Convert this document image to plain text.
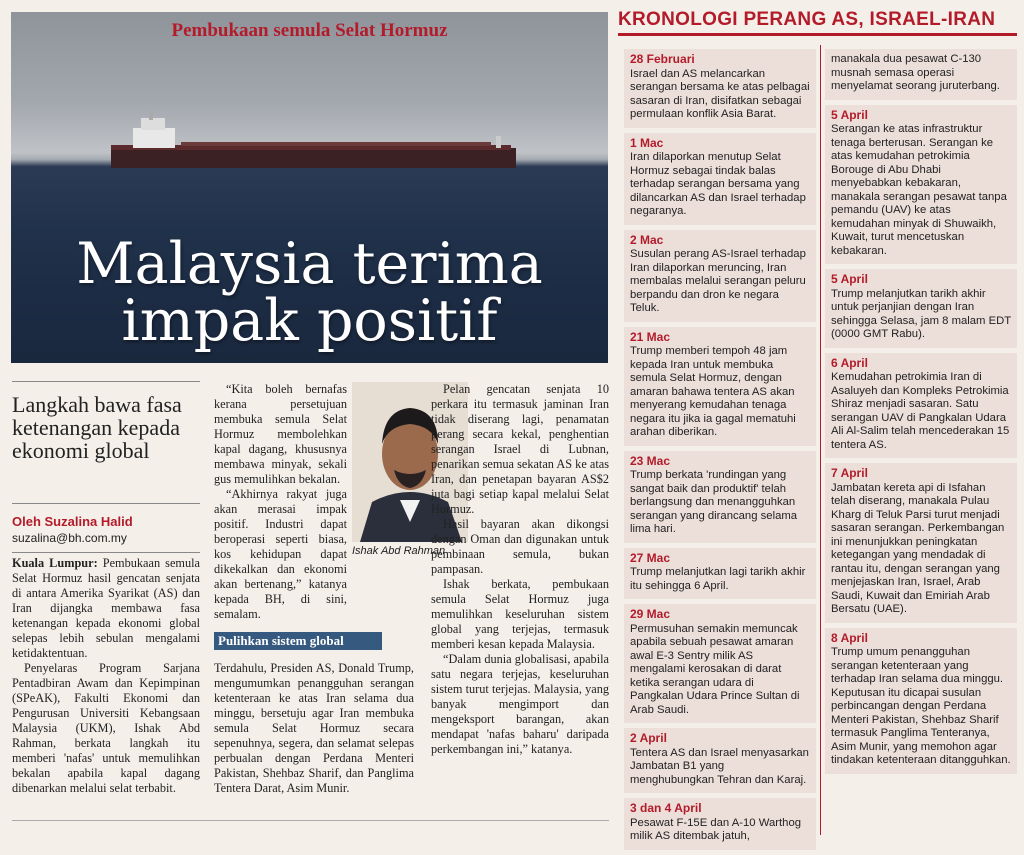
Pembukaan semula Selat Hormuz
Malaysia terima
impak positif
Langkah bawa fasa ketenangan kepada ekonomi global
Oleh Suzalina Halid
suzalina@bh.com.my

Kuala Lumpur: Pembukaan semula Selat Hormuz hasil gencatan senjata di antara Amerika Syarikat (AS) dan Iran dijangka membawa fasa ketenangan kepada ekonomi global selepas lebih sebulan mengalami ketidaktentuan.

Penyelaras Program Sarjana Pentadbiran Awam dan Kepimpinan (SPeAK), Fakulti Ekonomi dan Pengurusan Universiti Kebangsaan Malaysia (UKM), Ishak Abd Rahman, berkata langkah itu memberi 'nafas' untuk memulihkan bekalan apabila kapal dagang dibenarkan melalui selat terbabit.

“Kita boleh bernafas kerana persetujuan membuka semula Selat Hormuz membolehkan kapal dagang, khususnya membawa minyak, sekali gus memulihkan bekalan.

“Akhirnya rakyat juga akan merasai impak positif. Industri dapat beroperasi seperti biasa, kos kehidupan dapat dikekalkan dan ekonomi akan bertenang,” katanya kepada BH, di sini, semalam.

Ishak Abd Rahman
Pulihkan sistem global

Terdahulu, Presiden AS, Donald Trump, mengumumkan penangguhan serangan ketenteraan ke atas Iran selama dua minggu, bersetuju agar Iran membuka semula Selat Hormuz secara sepenuhnya, segera, dan selamat selepas perbualan dengan Perdana Menteri Pakistan, Shehbaz Sharif, dan Panglima Tentera Darat, Asim Munir.

Pelan gencatan senjata 10 perkara itu termasuk jaminan Iran tidak diserang lagi, penamatan perang secara kekal, penghentian serangan Israel di Lubnan, penarikan semua sekatan AS ke atas Iran, dan penetapan bayaran AS$2 juta bagi setiap kapal melalui Selat Hormuz.

Hasil bayaran akan dikongsi dengan Oman dan digunakan untuk pembinaan semula, bukan pampasan.

Ishak berkata, pembukaan semula Selat Hormuz juga memulihkan keseluruhan sistem global yang terjejas, termasuk memberi kesan kepada Malaysia.

“Dalam dunia globalisasi, apabila satu negara terjejas, keseluruhan sistem turut terjejas. Malaysia, yang banyak mengimport dan mengeksport barangan, akan mendapat 'nafas baharu' daripada perkembangan ini,” katanya.

KRONOLOGI PERANG AS, ISRAEL-IRAN
28 Februari
Israel dan AS melancarkan serangan bersama ke atas pelbagai sasaran di Iran, disifatkan sebagai permulaan konflik Asia Barat.
1 Mac
Iran dilaporkan menutup Selat Hormuz sebagai tindak balas terhadap serangan bersama yang dilancarkan AS dan Israel terhadap negaranya.
2 Mac
Susulan perang AS-Israel terhadap Iran dilaporkan meruncing, Iran membalas melalui serangan peluru berpandu dan dron ke negara Teluk.
21 Mac
Trump memberi tempoh 48 jam kepada Iran untuk membuka semula Selat Hormuz, dengan amaran bahawa tentera AS akan menyerang kemudahan tenaga negara itu jika ia gagal mematuhi arahan diberikan.
23 Mac
Trump berkata 'rundingan yang sangat baik dan produktif' telah berlangsung dan menangguhkan serangan yang dirancang selama lima hari.
27 Mac
Trump melanjutkan lagi tarikh akhir itu sehingga 6 April.
29 Mac
Permusuhan semakin memuncak apabila sebuah pesawat amaran awal E-3 Sentry milik AS mengalami kerosakan di darat ketika serangan udara di Pangkalan Udara Prince Sultan di Arab Saudi.
2 April
Tentera AS dan Israel menyasarkan Jambatan B1 yang menghubungkan Tehran dan Karaj.
3 dan 4 April
Pesawat F-15E dan A-10 Warthog milik AS ditembak jatuh,
manakala dua pesawat C-130 musnah semasa operasi menyelamat seorang juruterbang.
5 April
Serangan ke atas infrastruktur tenaga berterusan. Serangan ke atas kemudahan petrokimia Borouge di Abu Dhabi menyebabkan kebakaran, manakala serangan pesawat tanpa pemandu (UAV) ke atas kemudahan minyak di Shuwaikh, Kuwait, turut mencetuskan kebakaran.
5 April
Trump melanjutkan tarikh akhir untuk perjanjian dengan Iran sehingga Selasa, jam 8 malam EDT (0000 GMT Rabu).
6 April
Kemudahan petrokimia Iran di Asaluyeh dan Kompleks Petrokimia Shiraz menjadi sasaran. Satu serangan UAV di Pangkalan Udara Ali Al-Salim telah mencederakan 15 tentera AS.
7 April
Jambatan kereta api di Isfahan telah diserang, manakala Pulau Kharg di Teluk Parsi turut menjadi sasaran serangan. Perkembangan ini menunjukkan peningkatan ketegangan yang mendadak di rantau itu, dengan serangan yang menjejaskan Iran, Israel, Arab Saudi, Kuwait dan Emiriah Arab Bersatu (UAE).
8 April
Trump umum penangguhan serangan ketenteraan yang terhadap Iran selama dua minggu. Keputusan itu dicapai susulan perbincangan dengan Perdana Menteri Pakistan, Shehbaz Sharif termasuk Panglima Tenteranya, Asim Munir, yang memohon agar tindakan ketenteraan ditangguhkan.
